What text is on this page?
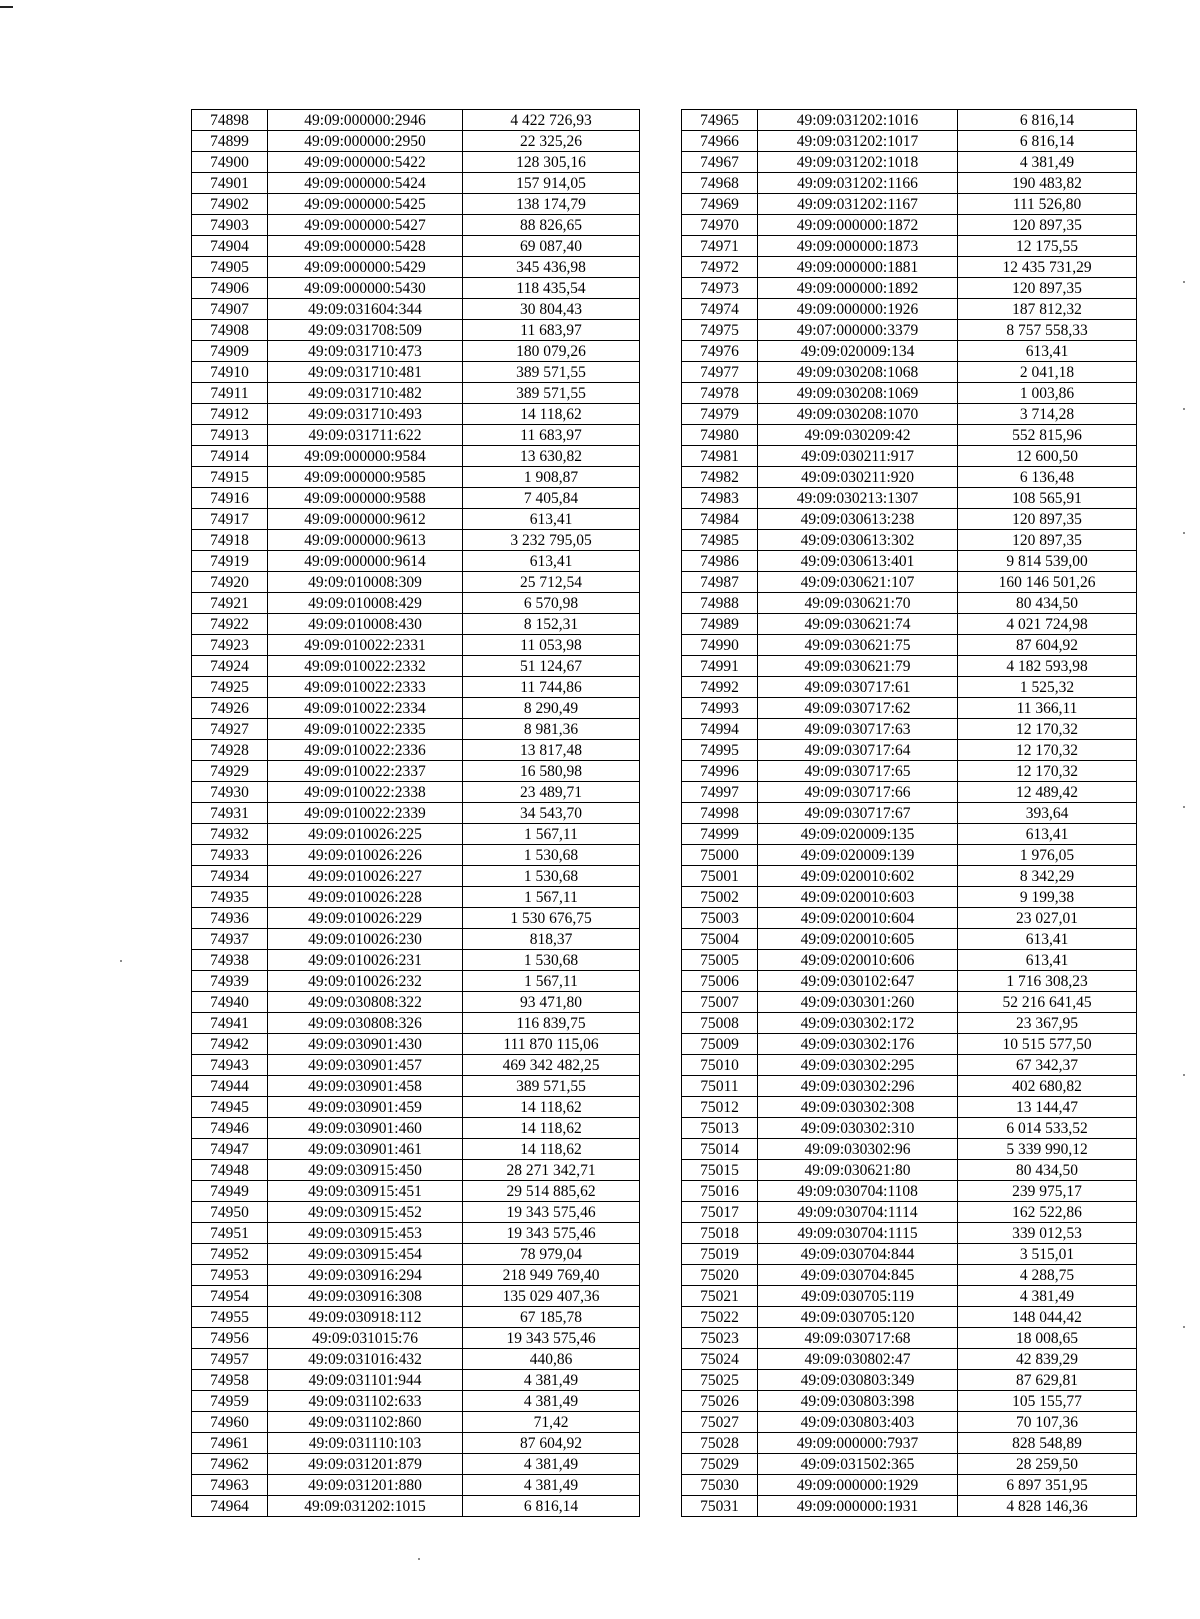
74898	49:09:000000:2946	4 422 726,93
74899	49:09:000000:2950	22 325,26
74900	49:09:000000:5422	128 305,16
74901	49:09:000000:5424	157 914,05
74902	49:09:000000:5425	138 174,79
74903	49:09:000000:5427	88 826,65
74904	49:09:000000:5428	69 087,40
74905	49:09:000000:5429	345 436,98
74906	49:09:000000:5430	118 435,54
74907	49:09:031604:344	30 804,43
74908	49:09:031708:509	11 683,97
74909	49:09:031710:473	180 079,26
74910	49:09:031710:481	389 571,55
74911	49:09:031710:482	389 571,55
74912	49:09:031710:493	14 118,62
74913	49:09:031711:622	11 683,97
74914	49:09:000000:9584	13 630,82
74915	49:09:000000:9585	1 908,87
74916	49:09:000000:9588	7 405,84
74917	49:09:000000:9612	613,41
74918	49:09:000000:9613	3 232 795,05
74919	49:09:000000:9614	613,41
74920	49:09:010008:309	25 712,54
74921	49:09:010008:429	6 570,98
74922	49:09:010008:430	8 152,31
74923	49:09:010022:2331	11 053,98
74924	49:09:010022:2332	51 124,67
74925	49:09:010022:2333	11 744,86
74926	49:09:010022:2334	8 290,49
74927	49:09:010022:2335	8 981,36
74928	49:09:010022:2336	13 817,48
74929	49:09:010022:2337	16 580,98
74930	49:09:010022:2338	23 489,71
74931	49:09:010022:2339	34 543,70
74932	49:09:010026:225	1 567,11
74933	49:09:010026:226	1 530,68
74934	49:09:010026:227	1 530,68
74935	49:09:010026:228	1 567,11
74936	49:09:010026:229	1 530 676,75
74937	49:09:010026:230	818,37
74938	49:09:010026:231	1 530,68
74939	49:09:010026:232	1 567,11
74940	49:09:030808:322	93 471,80
74941	49:09:030808:326	116 839,75
74942	49:09:030901:430	111 870 115,06
74943	49:09:030901:457	469 342 482,25
74944	49:09:030901:458	389 571,55
74945	49:09:030901:459	14 118,62
74946	49:09:030901:460	14 118,62
74947	49:09:030901:461	14 118,62
74948	49:09:030915:450	28 271 342,71
74949	49:09:030915:451	29 514 885,62
74950	49:09:030915:452	19 343 575,46
74951	49:09:030915:453	19 343 575,46
74952	49:09:030915:454	78 979,04
74953	49:09:030916:294	218 949 769,40
74954	49:09:030916:308	135 029 407,36
74955	49:09:030918:112	67 185,78
74956	49:09:031015:76	19 343 575,46
74957	49:09:031016:432	440,86
74958	49:09:031101:944	4 381,49
74959	49:09:031102:633	4 381,49
74960	49:09:031102:860	71,42
74961	49:09:031110:103	87 604,92
74962	49:09:031201:879	4 381,49
74963	49:09:031201:880	4 381,49
74964	49:09:031202:1015	6 816,14
74965	49:09:031202:1016	6 816,14
74966	49:09:031202:1017	6 816,14
74967	49:09:031202:1018	4 381,49
74968	49:09:031202:1166	190 483,82
74969	49:09:031202:1167	111 526,80
74970	49:09:000000:1872	120 897,35
74971	49:09:000000:1873	12 175,55
74972	49:09:000000:1881	12 435 731,29
74973	49:09:000000:1892	120 897,35
74974	49:09:000000:1926	187 812,32
74975	49:07:000000:3379	8 757 558,33
74976	49:09:020009:134	613,41
74977	49:09:030208:1068	2 041,18
74978	49:09:030208:1069	1 003,86
74979	49:09:030208:1070	3 714,28
74980	49:09:030209:42	552 815,96
74981	49:09:030211:917	12 600,50
74982	49:09:030211:920	6 136,48
74983	49:09:030213:1307	108 565,91
74984	49:09:030613:238	120 897,35
74985	49:09:030613:302	120 897,35
74986	49:09:030613:401	9 814 539,00
74987	49:09:030621:107	160 146 501,26
74988	49:09:030621:70	80 434,50
74989	49:09:030621:74	4 021 724,98
74990	49:09:030621:75	87 604,92
74991	49:09:030621:79	4 182 593,98
74992	49:09:030717:61	1 525,32
74993	49:09:030717:62	11 366,11
74994	49:09:030717:63	12 170,32
74995	49:09:030717:64	12 170,32
74996	49:09:030717:65	12 170,32
74997	49:09:030717:66	12 489,42
74998	49:09:030717:67	393,64
74999	49:09:020009:135	613,41
75000	49:09:020009:139	1 976,05
75001	49:09:020010:602	8 342,29
75002	49:09:020010:603	9 199,38
75003	49:09:020010:604	23 027,01
75004	49:09:020010:605	613,41
75005	49:09:020010:606	613,41
75006	49:09:030102:647	1 716 308,23
75007	49:09:030301:260	52 216 641,45
75008	49:09:030302:172	23 367,95
75009	49:09:030302:176	10 515 577,50
75010	49:09:030302:295	67 342,37
75011	49:09:030302:296	402 680,82
75012	49:09:030302:308	13 144,47
75013	49:09:030302:310	6 014 533,52
75014	49:09:030302:96	5 339 990,12
75015	49:09:030621:80	80 434,50
75016	49:09:030704:1108	239 975,17
75017	49:09:030704:1114	162 522,86
75018	49:09:030704:1115	339 012,53
75019	49:09:030704:844	3 515,01
75020	49:09:030704:845	4 288,75
75021	49:09:030705:119	4 381,49
75022	49:09:030705:120	148 044,42
75023	49:09:030717:68	18 008,65
75024	49:09:030802:47	42 839,29
75025	49:09:030803:349	87 629,81
75026	49:09:030803:398	105 155,77
75027	49:09:030803:403	70 107,36
75028	49:09:000000:7937	828 548,89
75029	49:09:031502:365	28 259,50
75030	49:09:000000:1929	6 897 351,95
75031	49:09:000000:1931	4 828 146,36
